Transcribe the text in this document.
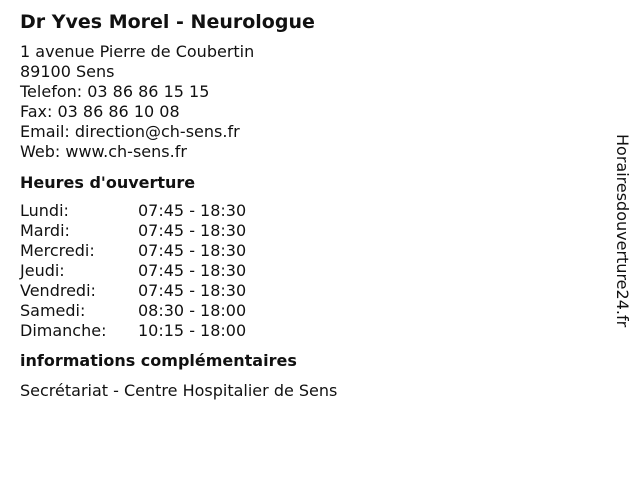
Dr Yves Morel - Neurologue
1 avenue Pierre de Coubertin
89100 Sens
Telefon: 03 86 86 15 15
Fax: 03 86 86 10 08
Email: direction@ch-sens.fr
Web: www.ch-sens.fr
Heures d'ouverture
Lundi:	07:45 - 18:30
Mardi:	07:45 - 18:30
Mercredi:	07:45 - 18:30
Jeudi:	07:45 - 18:30
Vendredi:	07:45 - 18:30
Samedi:	08:30 - 18:00
Dimanche:	10:15 - 18:00
informations complémentaires
Secrétariat - Centre Hospitalier de Sens
Horairesdouverture24.fr
